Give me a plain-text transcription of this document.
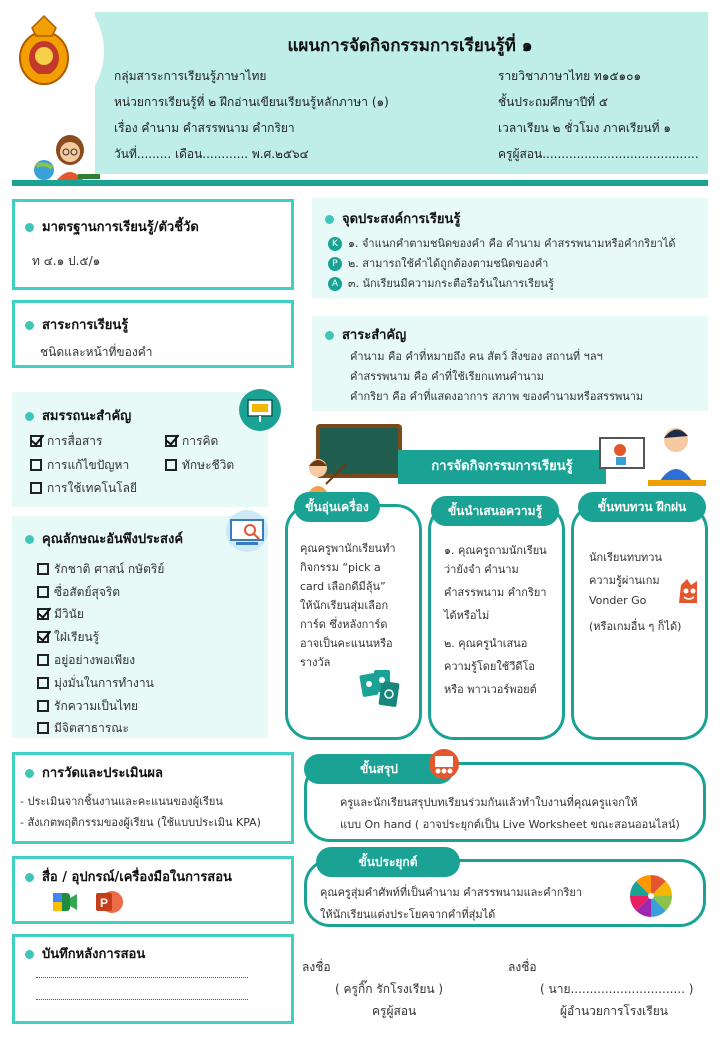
แผนการจัดกิจกรรมการเรียนรู้ที่ ๑
กลุ่มสาระการเรียนรู้ภาษาไทย
หน่วยการเรียนรู้ที่ ๒ ฝึกอ่านเขียนเรียนรู้หลักภาษา (๑)
เรื่อง คำนาม คำสรรพนาม คำกริยา
วันที่......... เดือน............ พ.ศ.๒๕๖๔
รายวิชาภาษาไทย ท๑๕๑๐๑
ชั้นประถมศึกษาปีที่ ๕
เวลาเรียน ๒ ชั่วโมง ภาคเรียนที่ ๑
ครูผู้สอน.........................................
มาตรฐานการเรียนรู้/ตัวชี้วัด
ท ๔.๑ ป.๕/๑
สาระการเรียนรู้
ชนิดและหน้าที่ของคำ
สมรรถนะสำคัญ
การสื่อสาร	การคิด
การแก้ไขปัญหา	ทักษะชีวิต
การใช้เทคโนโลยี
คุณลักษณะอันพึงประสงค์
รักชาติ ศาสน์ กษัตริย์
ซื่อสัตย์สุจริต
มีวินัย
ใฝ่เรียนรู้
อยู่อย่างพอเพียง
มุ่งมั่นในการทำงาน
รักความเป็นไทย
มีจิตสาธารณะ
การวัดและประเมินผล
- ประเมินจากชิ้นงานและคะแนนของผู้เรียน
- สังเกตพฤติกรรมของผู้เรียน (ใช้แบบประเมิน KPA)
สื่อ / อุปกรณ์/เครื่องมือในการสอน
P
บันทึกหลังการสอน
จุดประสงค์การเรียนรู้
K ๑. จำแนกคำตามชนิดของคำ คือ คำนาม คำสรรพนามหรือคำกริยาได้
P ๒. สามารถใช้คำได้ถูกต้องตามชนิดของคำ
A ๓. นักเรียนมีความกระตือรือร้นในการเรียนรู้
สาระสำคัญ
คำนาม คือ คำที่หมายถึง คน สัตว์ สิ่งของ สถานที่ ฯลฯ
คำสรรพนาม คือ คำที่ใช้เรียกแทนคำนาม
คำกริยา คือ คำที่แสดงอาการ สภาพ ของคำนามหรือสรรพนาม
การจัดกิจกรรมการเรียนรู้
ขั้นอุ่นเครื่อง
คุณครูพานักเรียนทำ
กิจกรรม “pick a
card เลือกดีมีลุ้น”
ให้นักเรียนสุ่มเลือก
การ์ด ซึ่งหลังการ์ด
อาจเป็นคะแนนหรือ
รางวัล
ขั้นนำเสนอความรู้
๑. คุณครูถามนักเรียน
ว่ายังจำ คำนาม
คำสรรพนาม คำกริยา
ได้หรือไม่
๒. คุณครูนำเสนอ
ความรู้โดยใช้วีดีโอ
หรือ พาวเวอร์พอยต์
ขั้นทบทวน ฝึกฝน
นักเรียนทบทวน
ความรู้ผ่านเกม
Vonder Go
(หรือเกมอื่น ๆ ก็ได้)
ขั้นสรุป
ครูและนักเรียนสรุปบทเรียนร่วมกันแล้วทำใบงานที่คุณครูแจกให้
แบบ On hand ( อาจประยุกต์เป็น Live Worksheet ขณะสอนออนไลน์)
ขั้นประยุกต์
คุณครูสุ่มคำศัพท์ที่เป็นคำนาม คำสรรพนามและคำกริยา
ให้นักเรียนแต่งประโยคจากคำที่สุ่มได้
ลงชื่อ
( ครูกิ๊ก รักโรงเรียน )
ครูผู้สอน
ลงชื่อ
( นาย.............................. )
ผู้อำนวยการโรงเรียน
